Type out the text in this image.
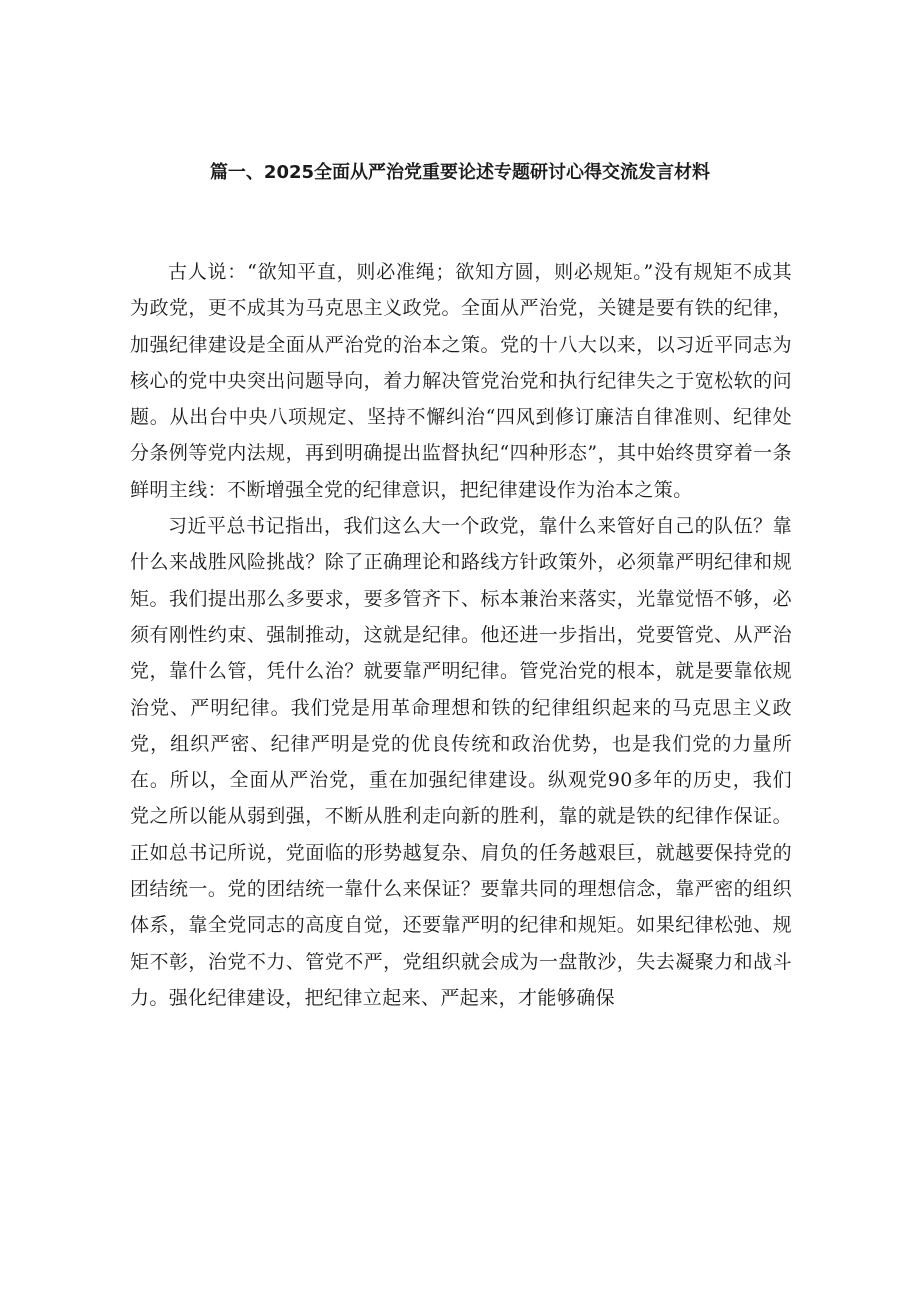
篇一、2025全面从严治党重要论述专题研讨心得交流发言材料

古人说：“欲知平直，则必准绳；欲知方圆，则必规矩。”没有规矩不成其为政党，更不成其为马克思主义政党。全面从严治党，关键是要有铁的纪律，加强纪律建设是全面从严治党的治本之策。党的十八大以来，以习近平同志为核心的党中央突出问题导向，着力解决管党治党和执行纪律失之于宽松软的问题。从出台中央八项规定、坚持不懈纠治“四风到修订廉洁自律准则、纪律处分条例等党内法规，再到明确提出监督执纪“四种形态”，其中始终贯穿着一条鲜明主线：不断增强全党的纪律意识，把纪律建设作为治本之策。

习近平总书记指出，我们这么大一个政党，靠什么来管好自己的队伍？靠什么来战胜风险挑战？除了正确理论和路线方针政策外，必须靠严明纪律和规矩。我们提出那么多要求，要多管齐下、标本兼治来落实，光靠觉悟不够，必须有刚性约束、强制推动，这就是纪律。他还进一步指出，党要管党、从严治党，靠什么管，凭什么治？就要靠严明纪律。管党治党的根本，就是要靠依规治党、严明纪律。我们党是用革命理想和铁的纪律组织起来的马克思主义政党，组织严密、纪律严明是党的优良传统和政治优势，也是我们党的力量所在。所以，全面从严治党，重在加强纪律建设。纵观党90多年的历史，我们党之所以能从弱到强，不断从胜利走向新的胜利，靠的就是铁的纪律作保证。正如总书记所说，党面临的形势越复杂、肩负的任务越艰巨，就越要保持党的团结统一。党的团结统一靠什么来保证？要靠共同的理想信念，靠严密的组织体系，靠全党同志的高度自觉，还要靠严明的纪律和规矩。如果纪律松弛、规矩不彰，治党不力、管党不严，党组织就会成为一盘散沙，失去凝聚力和战斗力。强化纪律建设，把纪律立起来、严起来，才能够确保
